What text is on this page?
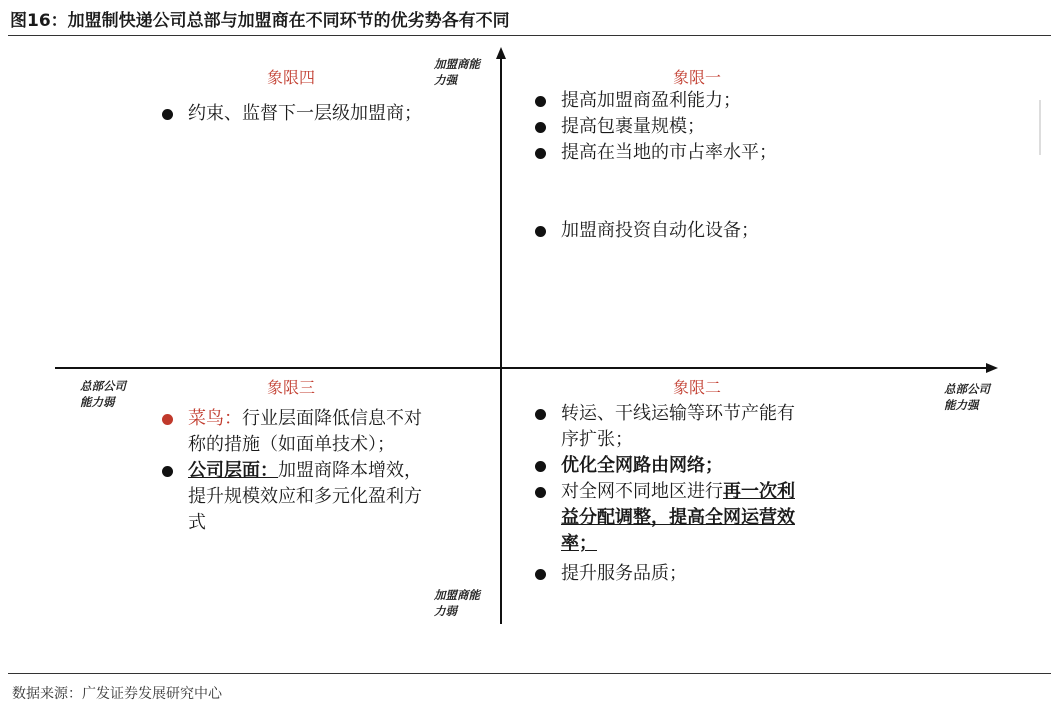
图16：加盟制快递公司总部与加盟商在不同环节的优劣势各有不同
加盟商能
力强
加盟商能
力弱
总部公司
能力弱
总部公司
能力强
象限四	象限一
象限三	象限二
约束、监督下一层级加盟商；
提高加盟商盈利能力；
提高包裹量规模；
提高在当地的市占率水平；
加盟商投资自动化设备；
菜鸟：行业层面降低信息不对
称的措施（如面单技术）；
公司层面：加盟商降本增效，
提升规模效应和多元化盈利方
式
转运、干线运输等环节产能有
序扩张；
优化全网路由网络；
对全网不同地区进行再一次利
益分配调整，提高全网运营效
率；
提升服务品质；
数据来源：广发证券发展研究中心
